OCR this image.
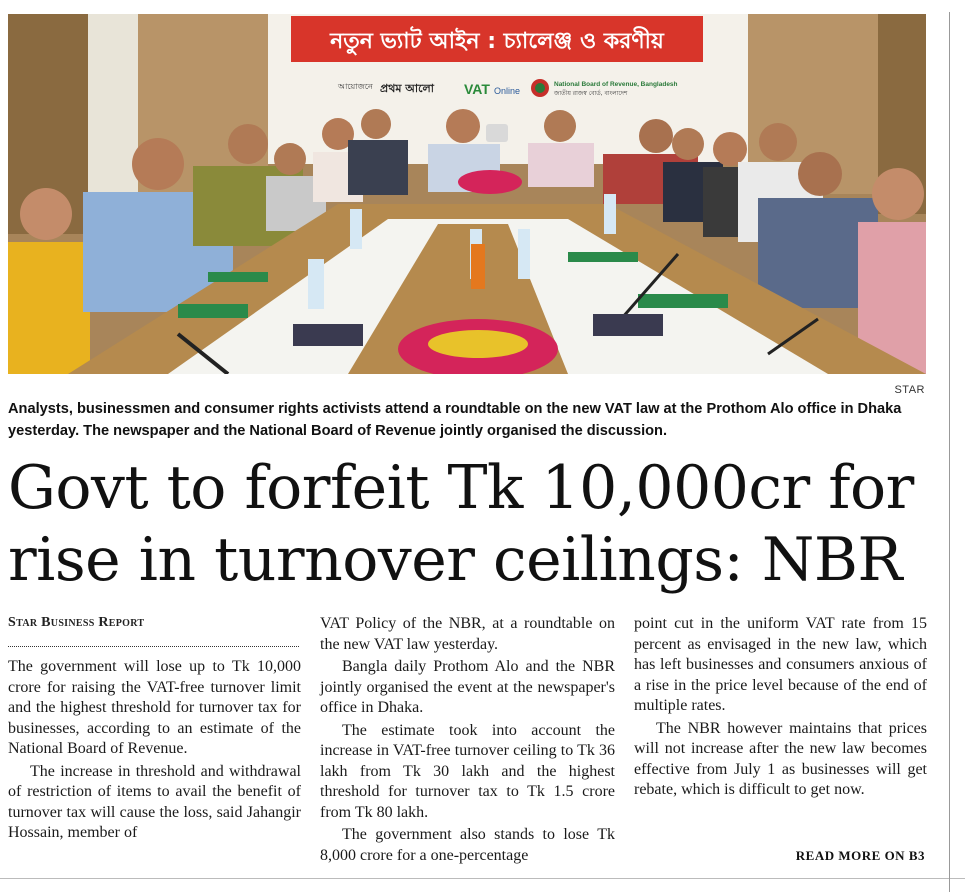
নতুন ভ্যাট আইন : চ্যালেঞ্জ ও করণীয়
আয়োজনে প্রথম আলো VAT Online
National Board of Revenue, Bangladesh
জাতীয় রাজস্ব বোর্ড, বাংলাদেশ
STAR
Analysts, businessmen and consumer rights activists attend a roundtable on the new VAT law at the Prothom Alo office in Dhaka yesterday. The newspaper and the National Board of Revenue jointly organised the discussion.
Govt to forfeit Tk 10,000cr for
rise in turnover ceilings: NBR
Star Business Report

The government will lose up to Tk 10,000 crore for raising the VAT-free turnover limit and the highest threshold for turnover tax for businesses, according to an estimate of the National Board of Revenue.

The increase in threshold and withdrawal of restriction of items to avail the benefit of turnover tax will cause the loss, said Jahangir Hossain, member of

VAT Policy of the NBR, at a roundtable on the new VAT law yesterday.

Bangla daily Prothom Alo and the NBR jointly organised the event at the newspaper's office in Dhaka.

The estimate took into account the increase in VAT-free turnover ceiling to Tk 36 lakh from Tk 30 lakh and the highest threshold for turnover tax to Tk 1.5 crore from Tk 80 lakh.

The government also stands to lose Tk 8,000 crore for a one-percentage

point cut in the uniform VAT rate from 15 percent as envisaged in the new law, which has left businesses and consumers anxious of a rise in the price level because of the end of multiple rates.

The NBR however maintains that prices will not increase after the new law becomes effective from July 1 as businesses will get rebate, which is difficult to get now.

READ MORE ON B3
